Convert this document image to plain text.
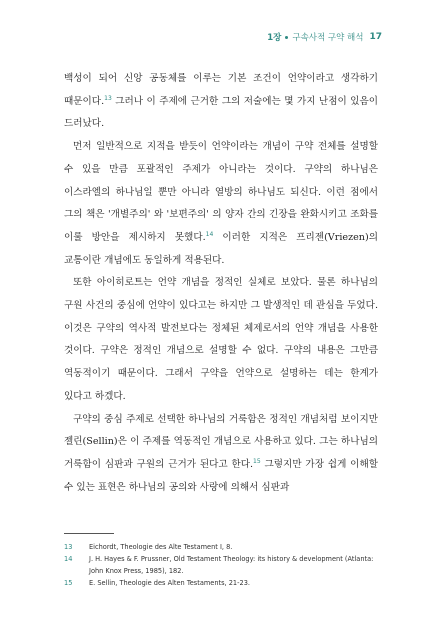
1장 구속사적 구약 해석 17

백성이 되어 신앙 공동체를 이루는 기본 조건이 언약이라고 생각하기 때문이다.$^{13}$ 그러나 이 주제에 근거한 그의 저술에는 몇 가지 난점이 있음이 드러났다.

먼저 일반적으로 지적을 받듯이 언약이라는 개념이 구약 전체를 설명할 수 있을 만큼 포괄적인 주제가 아니라는 것이다. 구약의 하나님은 이스라엘의 하나님일 뿐만 아니라 열방의 하나님도 되신다. 이런 점에서 그의 책은 '개별주의' 와 '보편주의' 의 양자 간의 긴장을 완화시키고 조화를 이룰 방안을 제시하지 못했다.$^{14}$ 이러한 지적은 프리젠(Vriezen)의 교통이란 개념에도 동일하게 적용된다.

또한 아이히로트는 언약 개념을 정적인 실체로 보았다. 물론 하나님의 구원 사건의 중심에 언약이 있다고는 하지만 그 발생적인 데 관심을 두었다. 이것은 구약의 역사적 발전보다는 정체된 체제로서의 언약 개념을 사용한 것이다. 구약은 정적인 개념으로 설명할 수 없다. 구약의 내용은 그만큼 역동적이기 때문이다. 그래서 구약을 언약으로 설명하는 데는 한계가 있다고 하겠다.

구약의 중심 주제로 선택한 하나님의 거룩함은 정적인 개념처럼 보이지만 젤린(Sellin)은 이 주제를 역동적인 개념으로 사용하고 있다. 그는 하나님의 거룩함이 심판과 구원의 근거가 된다고 한다.$^{15}$ 그렇지만 가장 쉽게 이해할 수 있는 표현은 하나님의 공의와 사랑에 의해서 심판과

13	Eichordt, Theologie des Alte Testament I, 8.

14	J. H. Hayes & F. Prussner, Old Testament Theology: its history & development (Atlanta: John Knox Press, 1985), 182.

15	E. Sellin, Theologie des Alten Testaments, 21-23.
